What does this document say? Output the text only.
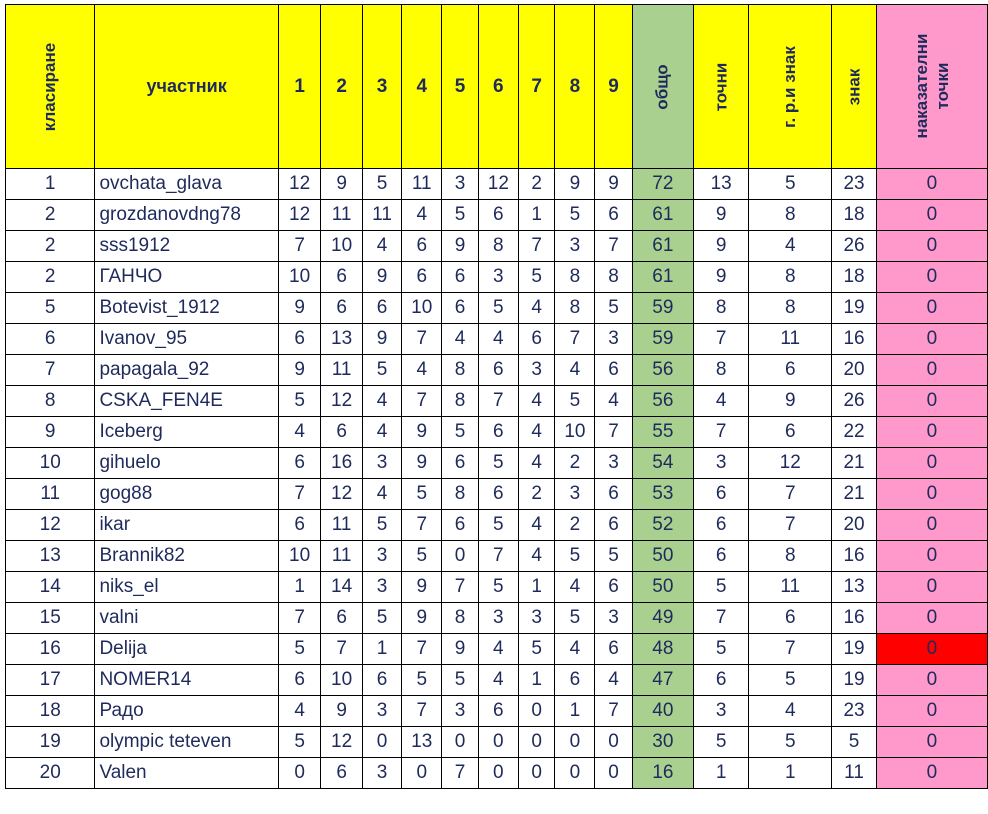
класиране	участник	1	2	3	4	5	6	7	8	9	общо	точни	г. р.и знак	знак	наказателни точки
1	ovchata_glava	12	9	5	11	3	12	2	9	9	72	13	5	23	0
2	grozdanovdng78	12	11	11	4	5	6	1	5	6	61	9	8	18	0
2	sss1912	7	10	4	6	9	8	7	3	7	61	9	4	26	0
2	ГАНЧО	10	6	9	6	6	3	5	8	8	61	9	8	18	0
5	Botevist_1912	9	6	6	10	6	5	4	8	5	59	8	8	19	0
6	Ivanov_95	6	13	9	7	4	4	6	7	3	59	7	11	16	0
7	papagala_92	9	11	5	4	8	6	3	4	6	56	8	6	20	0
8	CSKA_FEN4E	5	12	4	7	8	7	4	5	4	56	4	9	26	0
9	Iceberg	4	6	4	9	5	6	4	10	7	55	7	6	22	0
10	gihuelo	6	16	3	9	6	5	4	2	3	54	3	12	21	0
11	gog88	7	12	4	5	8	6	2	3	6	53	6	7	21	0
12	ikar	6	11	5	7	6	5	4	2	6	52	6	7	20	0
13	Brannik82	10	11	3	5	0	7	4	5	5	50	6	8	16	0
14	niks_el	1	14	3	9	7	5	1	4	6	50	5	11	13	0
15	valni	7	6	5	9	8	3	3	5	3	49	7	6	16	0
16	Delija	5	7	1	7	9	4	5	4	6	48	5	7	19	0
17	NOMER14	6	10	6	5	5	4	1	6	4	47	6	5	19	0
18	Радо	4	9	3	7	3	6	0	1	7	40	3	4	23	0
19	olympic teteven	5	12	0	13	0	0	0	0	0	30	5	5	5	0
20	Valen	0	6	3	0	7	0	0	0	0	16	1	1	11	0
